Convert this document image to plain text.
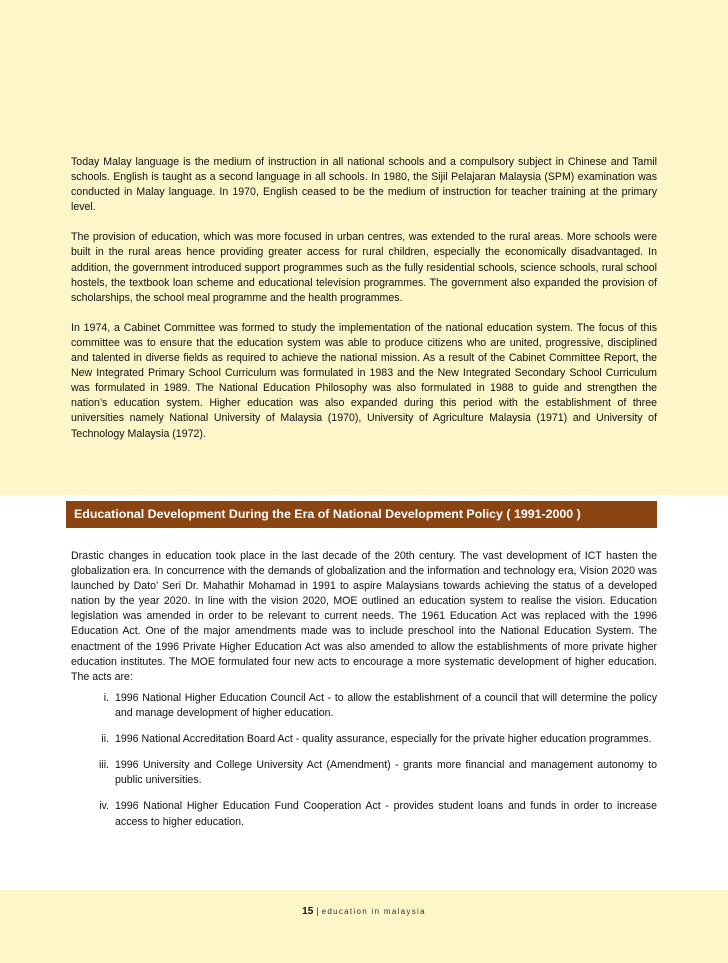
Today Malay language is the medium of instruction in all national schools and a compulsory subject in Chinese and Tamil schools. English is taught as a second language in all schools. In 1980, the Sijil Pelajaran Malaysia (SPM) examination was conducted in Malay language. In 1970, English ceased to be the medium of instruction for teacher training at the primary level.

The provision of education, which was more focused in urban centres, was extended to the rural areas. More schools were built in the rural areas hence providing greater access for rural children, especially the economically disadvantaged. In addition, the government introduced support programmes such as the fully residential schools, science schools, rural school hostels, the textbook loan scheme and educational television programmes. The government also expanded the provision of scholarships, the school meal programme and the health programmes.

In 1974, a Cabinet Committee was formed to study the implementation of the national education system. The focus of this committee was to ensure that the education system was able to produce citizens who are united, progressive, disciplined and talented in diverse fields as required to achieve the national mission. As a result of the Cabinet Committee Report, the New Integrated Primary School Curriculum was formulated in 1983 and the New Integrated Secondary School Curriculum was formulated in 1989. The National Education Philosophy was also formulated in 1988 to guide and strengthen the nation’s education system. Higher education was also expanded during this period with the establishment of three universities namely National University of Malaysia (1970), University of Agriculture Malaysia (1971) and University of Technology Malaysia (1972).

Educational Development During the Era of National Development Policy ( 1991-2000 )

Drastic changes in education took place in the last decade of the 20th century. The vast development of ICT hasten the globalization era. In concurrence with the demands of globalization and the information and technology era, Vision 2020 was launched by Dato’ Seri Dr. Mahathir Mohamad in 1991 to aspire Malaysians towards achieving the status of a developed nation by the year 2020. In line with the vision 2020, MOE outlined an education system to realise the vision. Education legislation was amended in order to be relevant to current needs. The 1961 Education Act was replaced with the 1996 Education Act. One of the major amendments made was to include preschool into the National Education System. The enactment of the 1996 Private Higher Education Act was also amended to allow the establishments of more private higher education institutes. The MOE formulated four new acts to encourage a more systematic development of higher education. The acts are:

i. 1996 National Higher Education Council Act - to allow the establishment of a council that will determine the policy and manage development of higher education.
ii. 1996 National Accreditation Board Act - quality assurance, especially for the private higher education programmes.
iii. 1996 University and College University Act (Amendment) - grants more financial and management autonomy to public universities.
iv. 1996 National Higher Education Fund Cooperation Act - provides student loans and funds in order to increase access to higher education.
15 | education in malaysia
